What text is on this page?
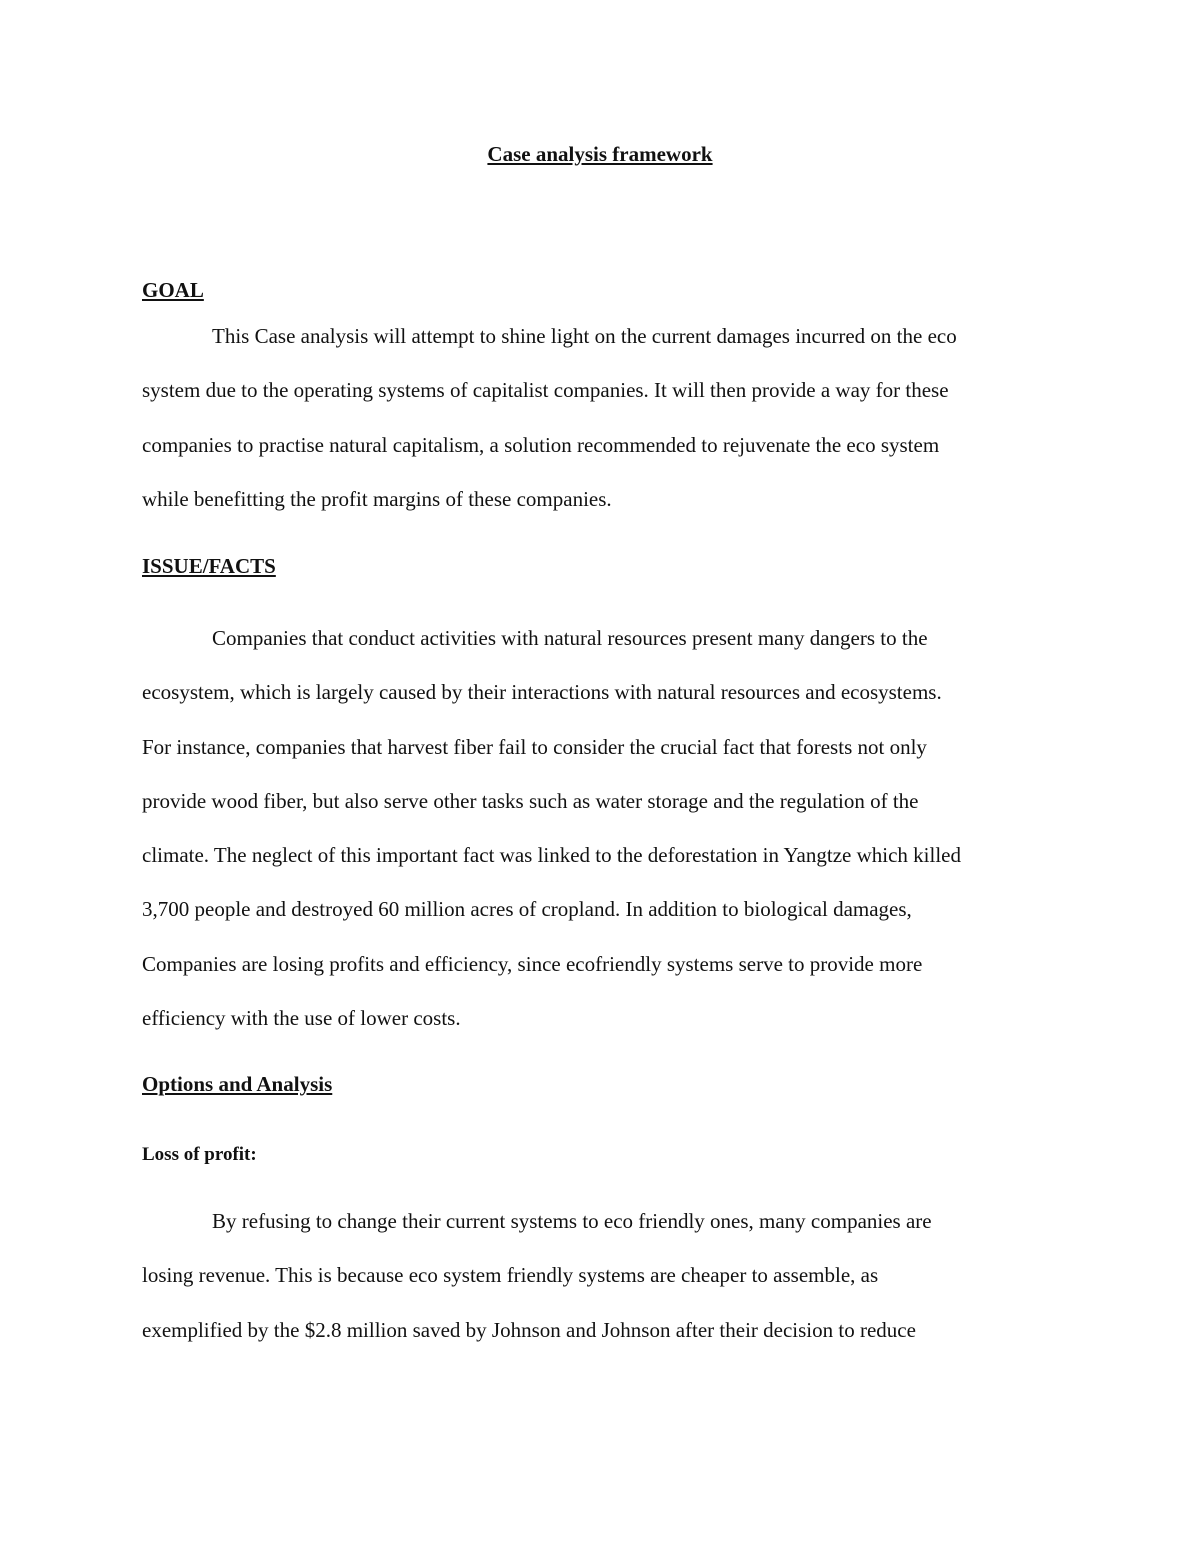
Case analysis framework
GOAL
This Case analysis will attempt to shine light on the current damages incurred on the eco
system due to the operating systems of capitalist companies. It will then provide a way for these
companies to practise natural capitalism, a solution recommended to rejuvenate the eco system
while benefitting the profit margins of these companies.
ISSUE/FACTS
Companies that conduct activities with natural resources present many dangers to the
ecosystem, which is largely caused by their interactions with natural resources and ecosystems.
For instance, companies that harvest fiber fail to consider the crucial fact that forests not only
provide wood fiber, but also serve other tasks such as water storage and the regulation of the
climate. The neglect of this important fact was linked to the deforestation in Yangtze which killed
3,700 people and destroyed 60 million acres of cropland. In addition to biological damages,
Companies are losing profits and efficiency, since ecofriendly systems serve to provide more
efficiency with the use of lower costs.
Options and Analysis
Loss of profit:
By refusing to change their current systems to eco friendly ones, many companies are
losing revenue. This is because eco system friendly systems are cheaper to assemble, as
exemplified by the $2.8 million saved by Johnson and Johnson after their decision to reduce
